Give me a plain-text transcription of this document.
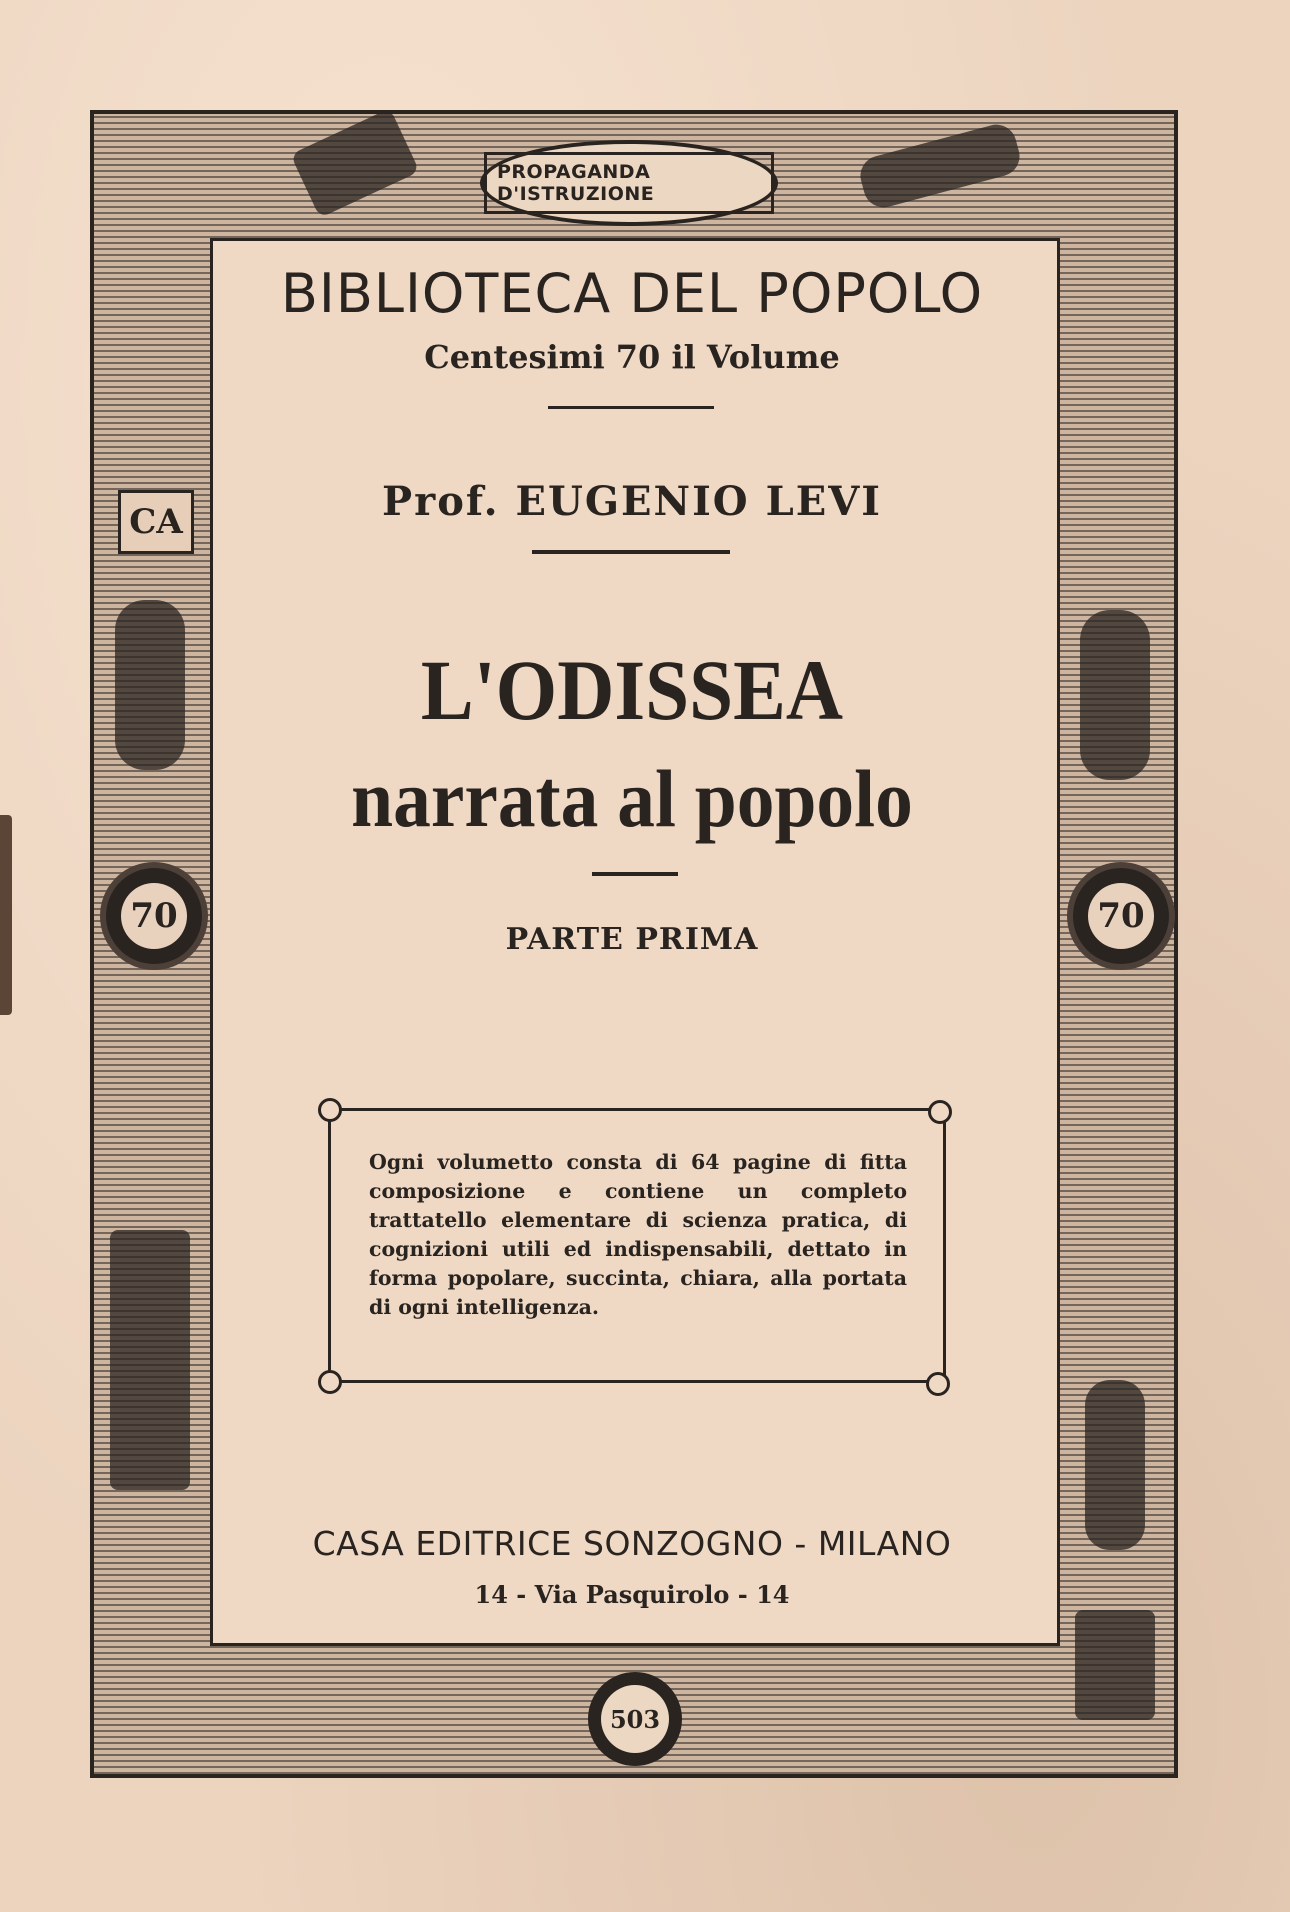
PROPAGANDA D'ISTRUZIONE
CA
70	70
503
BIBLIOTECA DEL POPOLO
Centesimi 70 il Volume
Prof. EUGENIO LEVI
L'ODISSEA
narrata al popolo
PARTE PRIMA

Ogni volumetto consta di 64 pagine di fitta composizione e contiene un completo trattatello elementare di scienza pratica, di cognizioni utili ed indispensabili, dettato in forma popolare, succinta, chiara, alla portata di ogni intelligenza.

CASA EDITRICE SONZOGNO - MILANO
14 - Via Pasquirolo - 14
